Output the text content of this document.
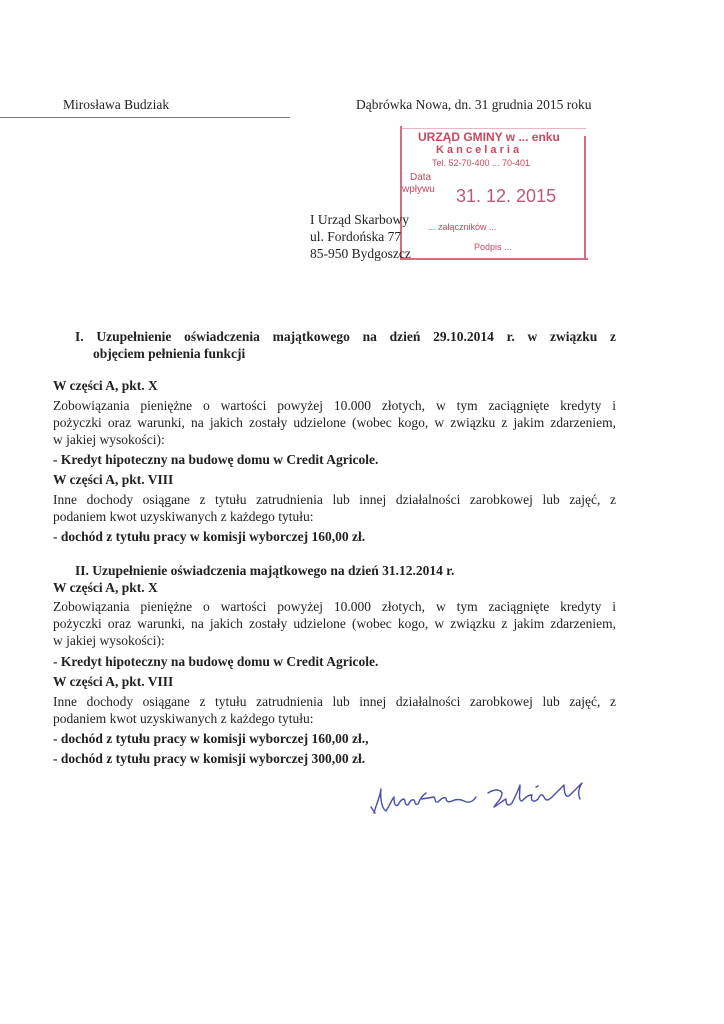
Mirosława Budziak	Dąbrówka Nowa, dn. 31 grudnia 2015 roku
URZĄD GMINY w ... enku
K a n c e l a r i a
Tel. 52-70-400 ... 70-401
Data
wpływu 31. 12. 2015
... załączników ...
Podpis ...
I Urząd Skarbowy
ul. Fordońska 77
85-950 Bydgoszcz
I. Uzupełnienie oświadczenia majątkowego na dzień 29.10.2014 r. w związku z
objęciem pełnienia funkcji
W części A, pkt. X
Zobowiązania pieniężne o wartości powyżej 10.000 złotych, w tym zaciągnięte kredyty i
pożyczki oraz warunki, na jakich zostały udzielone (wobec kogo, w związku z jakim zdarzeniem,
w jakiej wysokości):
- Kredyt hipoteczny na budowę domu w Credit Agricole.
W części A, pkt. VIII
Inne dochody osiągane z tytułu zatrudnienia lub innej działalności zarobkowej lub zajęć, z
podaniem kwot uzyskiwanych z każdego tytułu:
- dochód z tytułu pracy w komisji wyborczej 160,00 zł.
II. Uzupełnienie oświadczenia majątkowego na dzień 31.12.2014 r.
W części A, pkt. X
Zobowiązania pieniężne o wartości powyżej 10.000 złotych, w tym zaciągnięte kredyty i
pożyczki oraz warunki, na jakich zostały udzielone (wobec kogo, w związku z jakim zdarzeniem,
w jakiej wysokości):
- Kredyt hipoteczny na budowę domu w Credit Agricole.
W części A, pkt. VIII
Inne dochody osiągane z tytułu zatrudnienia lub innej działalności zarobkowej lub zajęć, z
podaniem kwot uzyskiwanych z każdego tytułu:
- dochód z tytułu pracy w komisji wyborczej 160,00 zł.,
- dochód z tytułu pracy w komisji wyborczej 300,00 zł.
